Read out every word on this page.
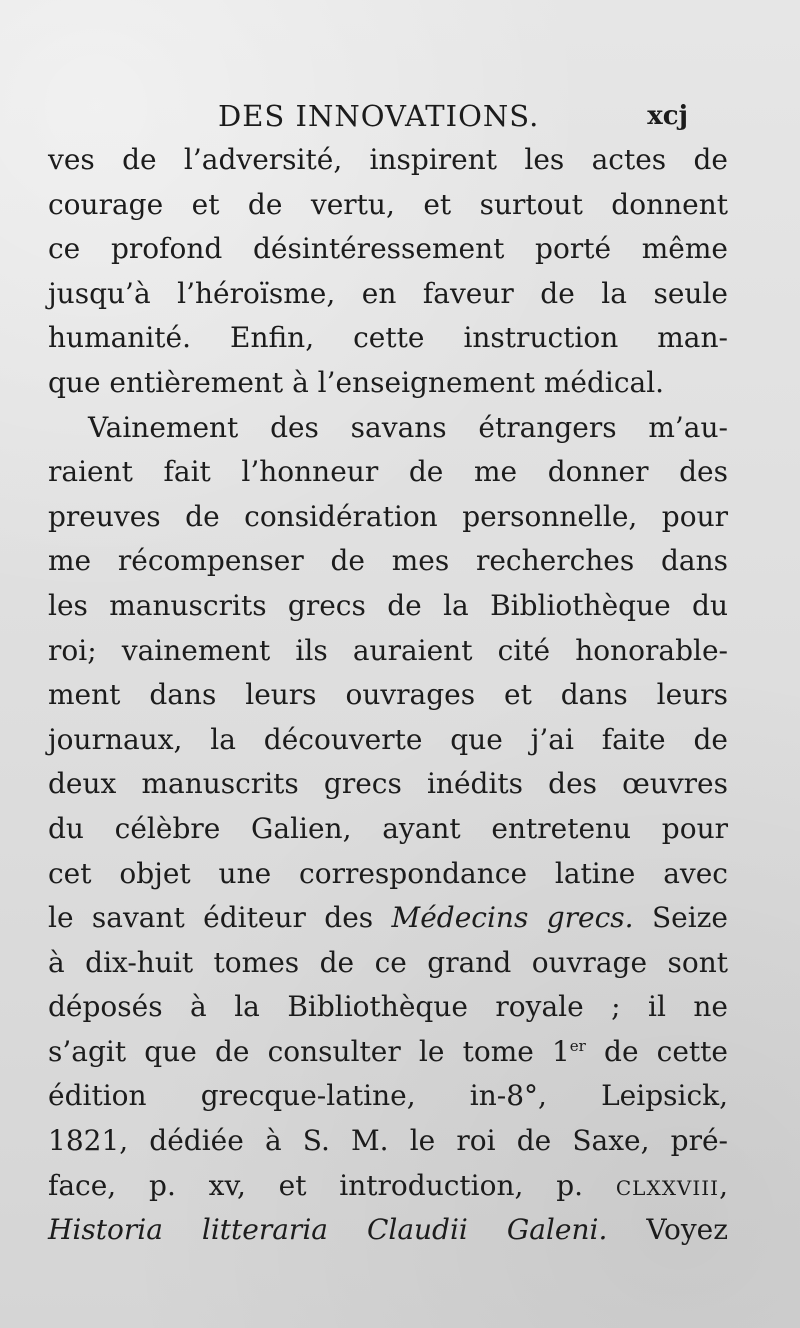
DES INNOVATIONS.	xcj
ves de l’adversité, inspirent les actes de
courage et de vertu, et surtout donnent
ce profond désintéressement porté même
jusqu’à l’héroïsme, en faveur de la seule
humanité. Enfin, cette instruction man-
que entièrement à l’enseignement médical.
Vainement des savans étrangers m’au-
raient fait l’honneur de me donner des
preuves de considération personnelle, pour
me récompenser de mes recherches dans
les manuscrits grecs de la Bibliothèque du
roi; vainement ils auraient cité honorable-
ment dans leurs ouvrages et dans leurs
journaux, la découverte que j’ai faite de
deux manuscrits grecs inédits des œuvres
du célèbre Galien, ayant entretenu pour
cet objet une correspondance latine avec
le savant éditeur des Médecins grecs. Seize
à dix-huit tomes de ce grand ouvrage sont
déposés à la Bibliothèque royale ; il ne
s’agit que de consulter le tome 1er de cette
édition grecque-latine, in-8°, Leipsick,
1821, dédiée à S. M. le roi de Saxe, pré-
face, p. xv, et introduction, p. CLXXVIII,
Historia litteraria Claudii Galeni. Voyez
